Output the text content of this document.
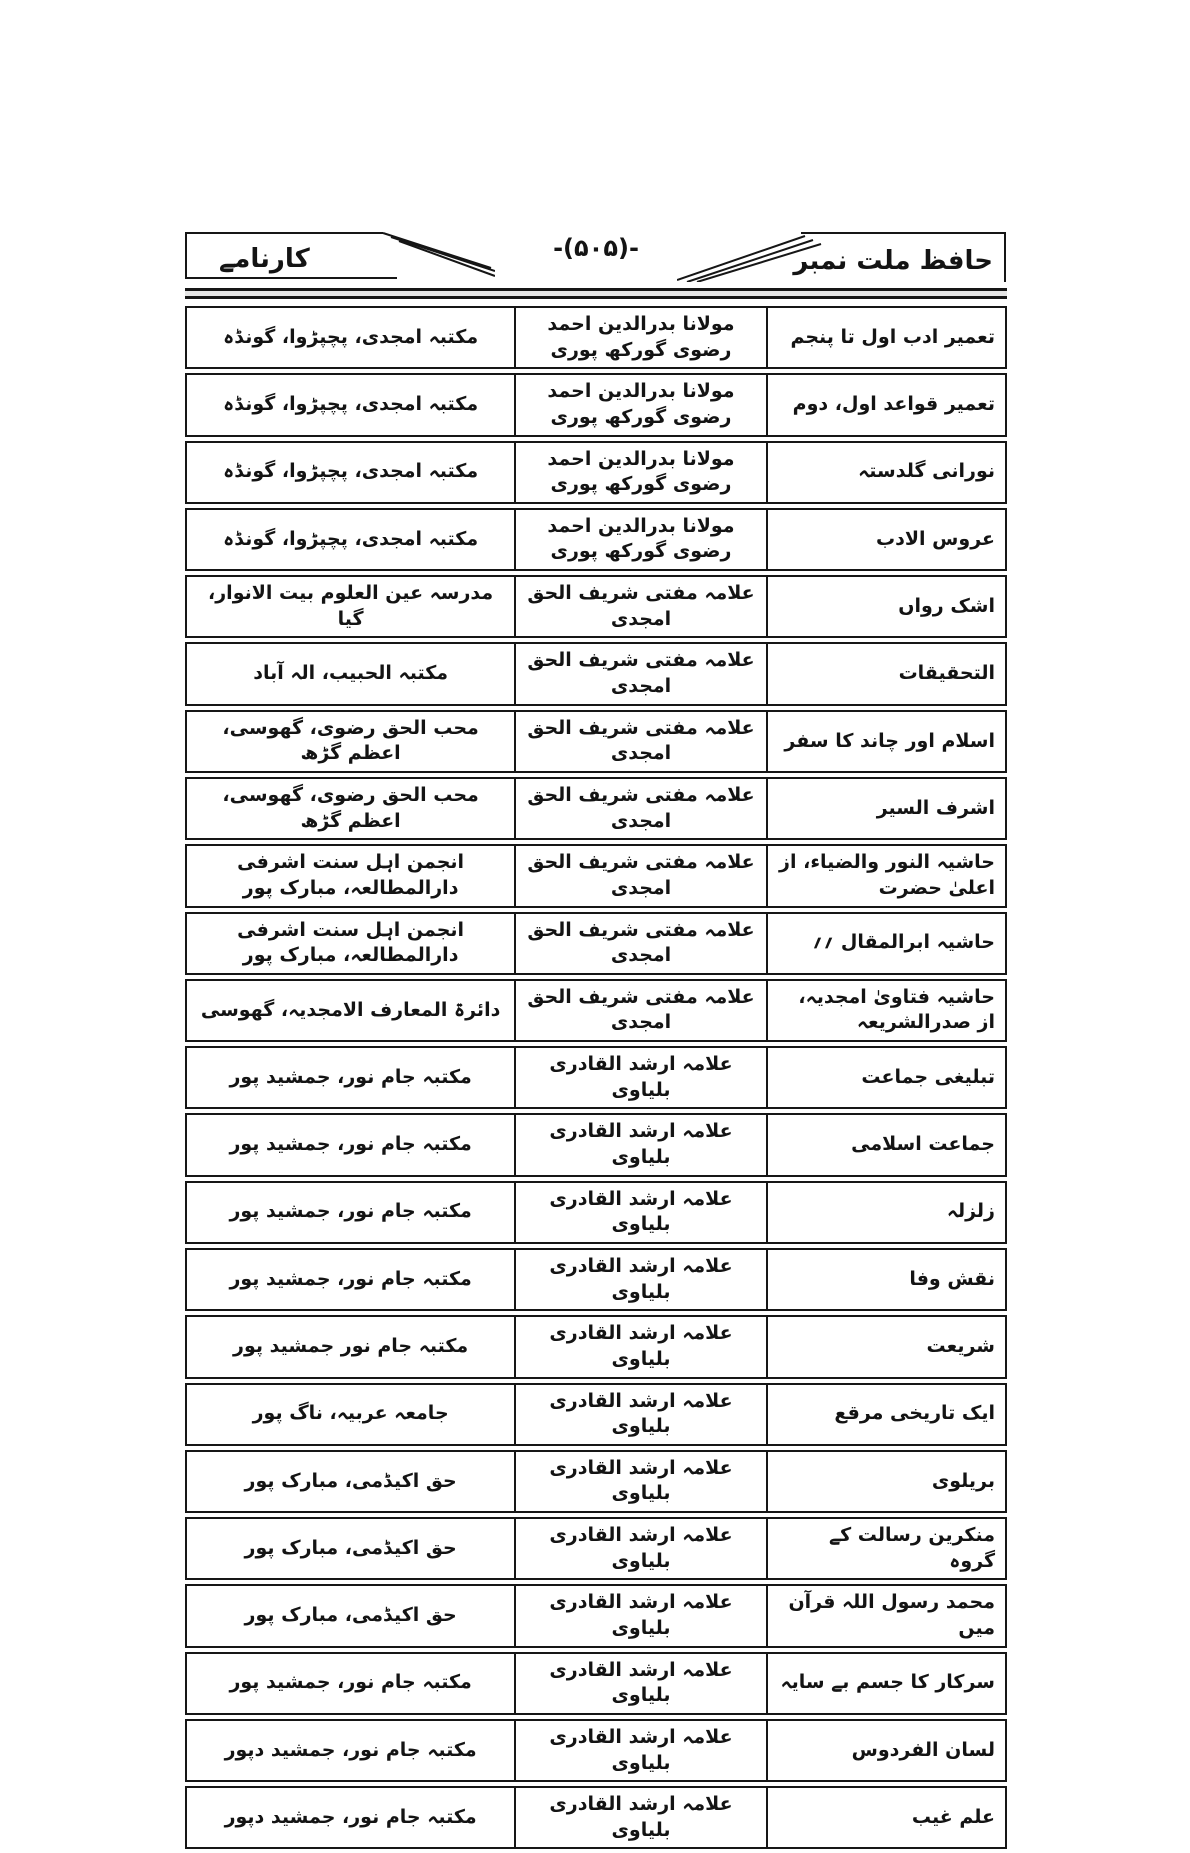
کارنامے	-(۵۰۵)-	حافظ ملت نمبر
تعمیر ادب اول تا پنجم
مولانا بدرالدین احمد رضوی گورکھ پوری
مکتبہ امجدی، پچپڑوا، گونڈہ
تعمیر قواعد اول، دوم
مولانا بدرالدین احمد رضوی گورکھ پوری
مکتبہ امجدی، پچپڑوا، گونڈہ
نورانی گلدستہ
مولانا بدرالدین احمد رضوی گورکھ پوری
مکتبہ امجدی، پچپڑوا، گونڈہ
عروس الادب
مولانا بدرالدین احمد رضوی گورکھ پوری
مکتبہ امجدی، پچپڑوا، گونڈہ
اشک رواں
علامہ مفتی شریف الحق امجدی
مدرسہ عین العلوم بیت الانوار، گیا
التحقیقات
علامہ مفتی شریف الحق امجدی
مکتبہ الحبیب، الہ آباد
اسلام اور چاند کا سفر
علامہ مفتی شریف الحق امجدی
محب الحق رضوی، گھوسی، اعظم گڑھ
اشرف السیر
علامہ مفتی شریف الحق امجدی
محب الحق رضوی، گھوسی، اعظم گڑھ
حاشیہ النور والضیاء، از اعلیٰ حضرت
علامہ مفتی شریف الحق امجدی
انجمن اہل سنت اشرفی دارالمطالعہ، مبارک پور
حاشیہ ابرالمقال ؍؍
علامہ مفتی شریف الحق امجدی
انجمن اہل سنت اشرفی دارالمطالعہ، مبارک پور
حاشیہ فتاویٰ امجدیہ، از صدرالشریعہ
علامہ مفتی شریف الحق امجدی
دائرۃ المعارف الامجدیہ، گھوسی
تبلیغی جماعت
علامہ ارشد القادری بلیاوی
مکتبہ جام نور، جمشید پور
جماعت اسلامی
علامہ ارشد القادری بلیاوی
مکتبہ جام نور، جمشید پور
زلزلہ
علامہ ارشد القادری بلیاوی
مکتبہ جام نور، جمشید پور
نقش وفا
علامہ ارشد القادری بلیاوی
مکتبہ جام نور، جمشید پور
شریعت
علامہ ارشد القادری بلیاوی
مکتبہ جام نور جمشید پور
ایک تاریخی مرقع
علامہ ارشد القادری بلیاوی
جامعہ عربیہ، ناگ پور
بریلوی
علامہ ارشد القادری بلیاوی
حق اکیڈمی، مبارک پور
منکرین رسالت کے گروہ
علامہ ارشد القادری بلیاوی
حق اکیڈمی، مبارک پور
محمد رسول اللہ قرآن میں
علامہ ارشد القادری بلیاوی
حق اکیڈمی، مبارک پور
سرکار کا جسم بے سایہ
علامہ ارشد القادری بلیاوی
مکتبہ جام نور، جمشید پور
لسان الفردوس
علامہ ارشد القادری بلیاوی
مکتبہ جام نور، جمشید دپور
علم غیب
علامہ ارشد القادری بلیاوی
مکتبہ جام نور، جمشید دپور
